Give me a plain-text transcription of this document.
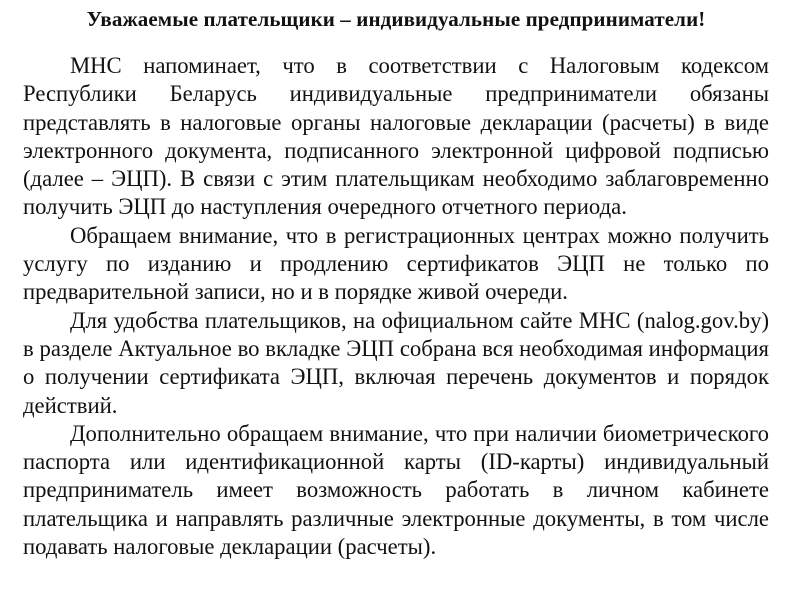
Уважаемые плательщики – индивидуальные предприниматели!

МНС напоминает, что в соответствии с Налоговым кодексом Республики Беларусь индивидуальные предприниматели обязаны представлять в налоговые органы налоговые декларации (расчеты) в виде электронного документа, подписанного электронной цифровой подписью (далее – ЭЦП). В связи с этим плательщикам необходимо заблаговременно получить ЭЦП до наступления очередного отчетного периода.

Обращаем внимание, что в регистрационных центрах можно получить услугу по изданию и продлению сертификатов ЭЦП не только по предварительной записи, но и в порядке живой очереди.

Для удобства плательщиков, на официальном сайте МНС (nalog.gov.by) в разделе Актуальное во вкладке ЭЦП собрана вся необходимая информация о получении сертификата ЭЦП, включая перечень документов и порядок действий.

Дополнительно обращаем внимание, что при наличии биометрического паспорта или идентификационной карты (ID-карты) индивидуальный предприниматель имеет возможность работать в личном кабинете плательщика и направлять различные электронные документы, в том числе подавать налоговые декларации (расчеты).
